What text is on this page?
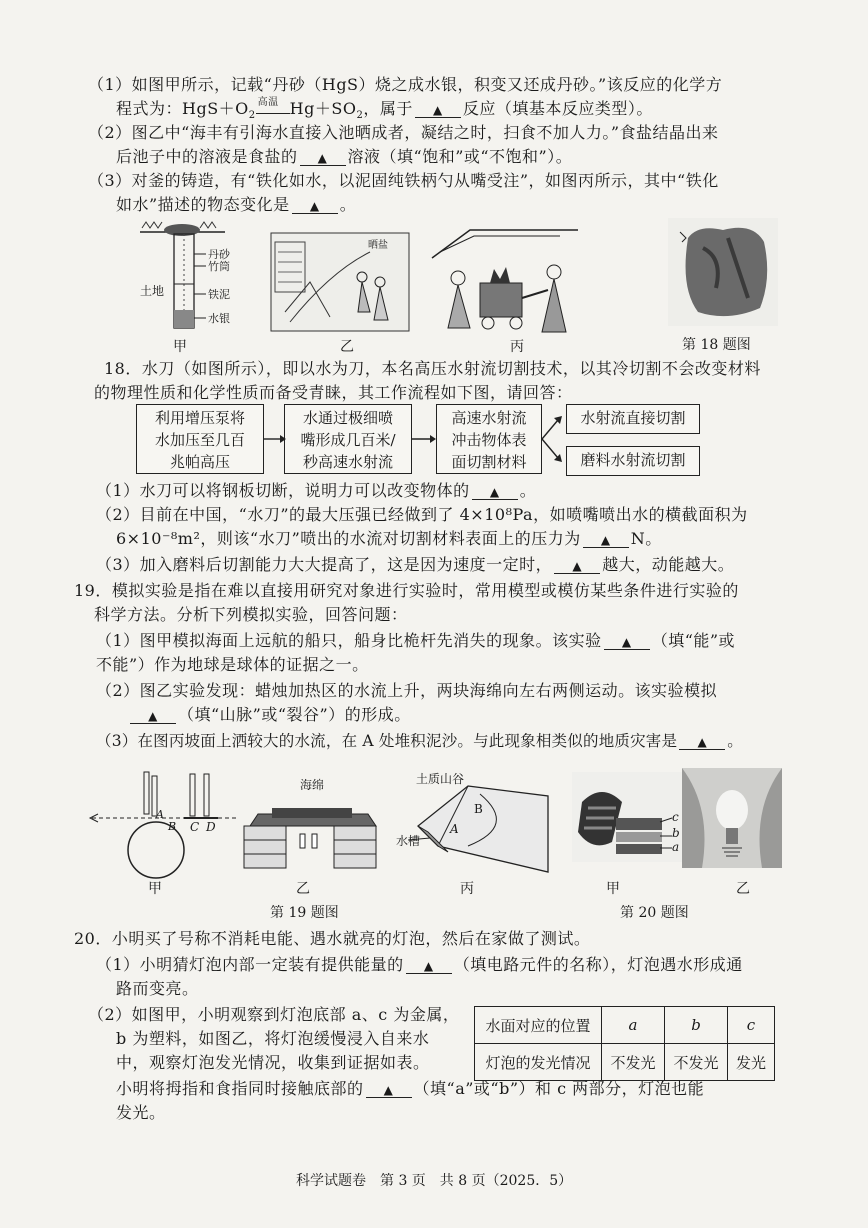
（1）如图甲所示，记载“丹砂（HgS）烧之成水银，积变又还成丹砂。”该反应的化学方
程式为：$HgS+O_2$
高温 $Hg+SO_2$，属于 ▲ 反应（填基本反应类型）。
（2）图乙中“海丰有引海水直接入池晒成者，凝结之时，扫食不加人力。”食盐结晶出来
后池子中的溶液是食盐的 ▲ 溶液（填“饱和”或“不饱和”）。
（3）对釜的铸造，有“铁化如水，以泥固纯铁柄勺从嘴受注”，如图丙所示，其中“铁化
如水”描述的物态变化是 ▲ 。
土地
丹砂
竹筒
铁泥
水银
晒盐
甲	乙	丙	第 18 题图
18．水刀（如图所示），即以水为刀，本名高压水射流切割技术，以其冷切割不会改变材料
的物理性质和化学性质而备受青睐，其工作流程如下图，请回答：
利用增压泵将
水加压至几百
兆帕高压
水通过极细喷
嘴形成几百米/
秒高速水射流
高速水射流
冲击物体表
面切割材料
水射流直接切割
磨料水射流切割
（1）水刀可以将钢板切断，说明力可以改变物体的 ▲ 。
（2）目前在中国，“水刀”的最大压强已经做到了 4×10⁸Pa，如喷嘴喷出水的横截面积为
6×10⁻⁸m²，则该“水刀”喷出的水流对切割材料表面上的压力为 ▲ N。
（3）加入磨料后切割能力大大提高了，这是因为速度一定时， ▲ 越大，动能越大。
19．模拟实验是指在难以直接用研究对象进行实验时，常用模型或模仿某些条件进行实验的
科学方法。分析下列模拟实验，回答问题：
（1）图甲模拟海面上远航的船只，船身比桅杆先消失的现象。该实验 ▲ （填“能”或
不能”）作为地球是球体的证据之一。
（2）图乙实验发现：蜡烛加热区的水流上升，两块海绵向左右两侧运动。该实验模拟
▲ （填“山脉”或“裂谷”）的形成。
（3）在图丙坡面上洒较大的水流，在 A 处堆积泥沙。与此现象相类似的地质灾害是 ▲ 。
A
B C D
海绵	土质山谷
B
A
水槽
c
b
a
甲	乙	丙	甲	乙
第 19 题图	第 20 题图
20．小明买了号称不消耗电能、遇水就亮的灯泡，然后在家做了测试。
（1）小明猜灯泡内部一定装有提供能量的 ▲ （填电路元件的名称），灯泡遇水形成通
路而变亮。
（2）如图甲，小明观察到灯泡底部 a、c 为金属，
b 为塑料，如图乙，将灯泡缓慢浸入自来水
中，观察灯泡发光情况，收集到证据如表。
小明将拇指和食指同时接触底部的 ▲ （填“a”或“b”）和 c 两部分，灯泡也能
发光。
水面对应的位置	a	b	c
灯泡的发光情况	不发光	不发光	发光
科学试题卷　第 3 页　共 8 页（2025．5）
